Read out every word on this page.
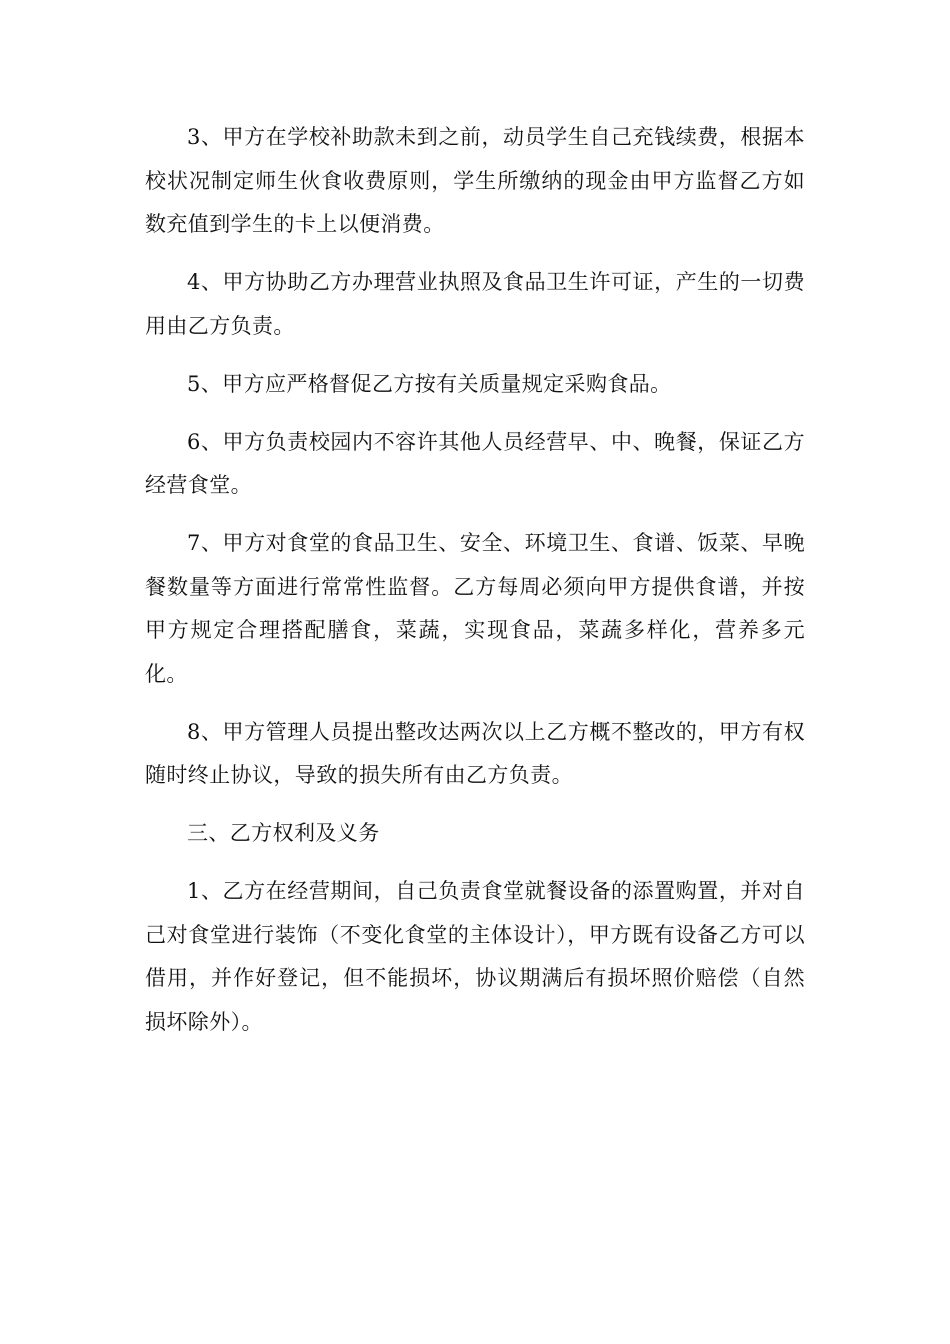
3、甲方在学校补助款未到之前，动员学生自己充钱续费，根据本校状况制定师生伙食收费原则，学生所缴纳的现金由甲方监督乙方如数充值到学生的卡上以便消费。

4、甲方协助乙方办理营业执照及食品卫生许可证，产生的一切费用由乙方负责。

5、甲方应严格督促乙方按有关质量规定采购食品。

6、甲方负责校园内不容许其他人员经营早、中、晚餐，保证乙方经营食堂。

7、甲方对食堂的食品卫生、安全、环境卫生、食谱、饭菜、早晚餐数量等方面进行常常性监督。乙方每周必须向甲方提供食谱，并按甲方规定合理搭配膳食，菜蔬，实现食品，菜蔬多样化，营养多元化。

8、甲方管理人员提出整改达两次以上乙方概不整改的，甲方有权随时终止协议，导致的损失所有由乙方负责。

三、乙方权利及义务

1、乙方在经营期间，自己负责食堂就餐设备的添置购置，并对自己对食堂进行装饰（不变化食堂的主体设计），甲方既有设备乙方可以借用，并作好登记，但不能损坏，协议期满后有损坏照价赔偿（自然损坏除外）。
